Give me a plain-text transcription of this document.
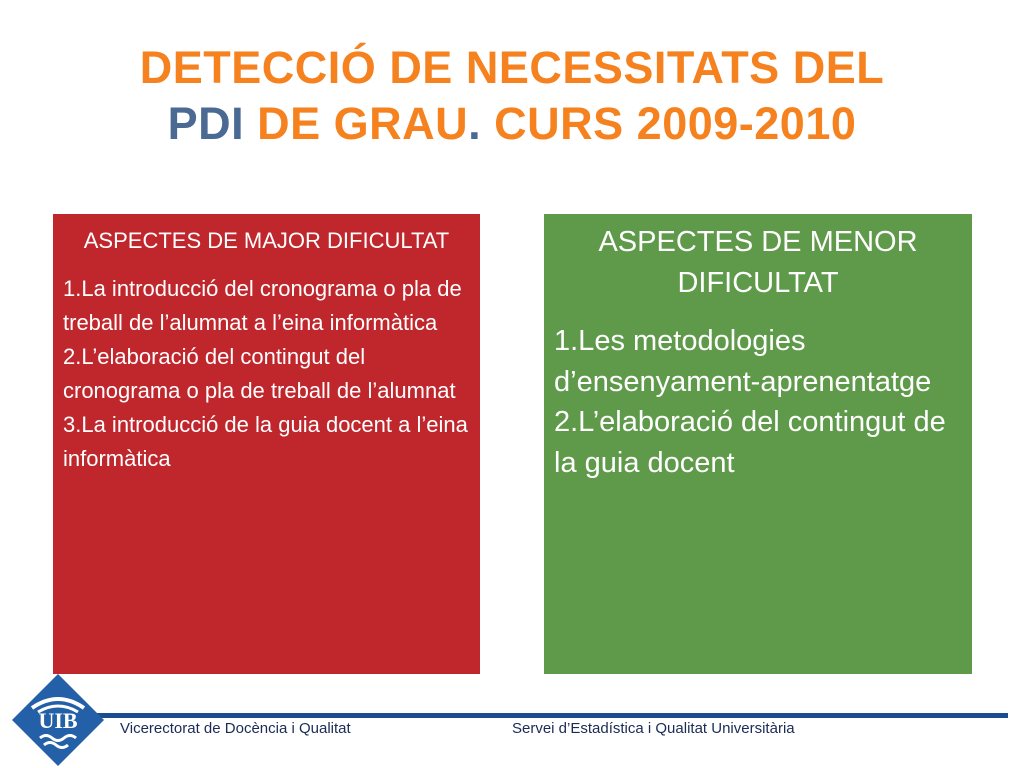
DETECCIÓ DE NECESSITATS DEL
PDI DE GRAU. CURS 2009-2010
ASPECTES DE MAJOR DIFICULTAT
1.La introducció del cronograma o pla de treball de l’alumnat a l’eina informàtica
2.L’elaboració del contingut del cronograma o pla de treball de l’alumnat
3.La introducció de la guia docent a l’eina informàtica
ASPECTES DE MENOR DIFICULTAT
1.Les metodologies d’ensenyament-aprenentatge
2.L’elaboració del contingut de la guia docent
Vicerectorat de Docència i Qualitat	Servei d’Estadística i Qualitat Universitària
UIB
